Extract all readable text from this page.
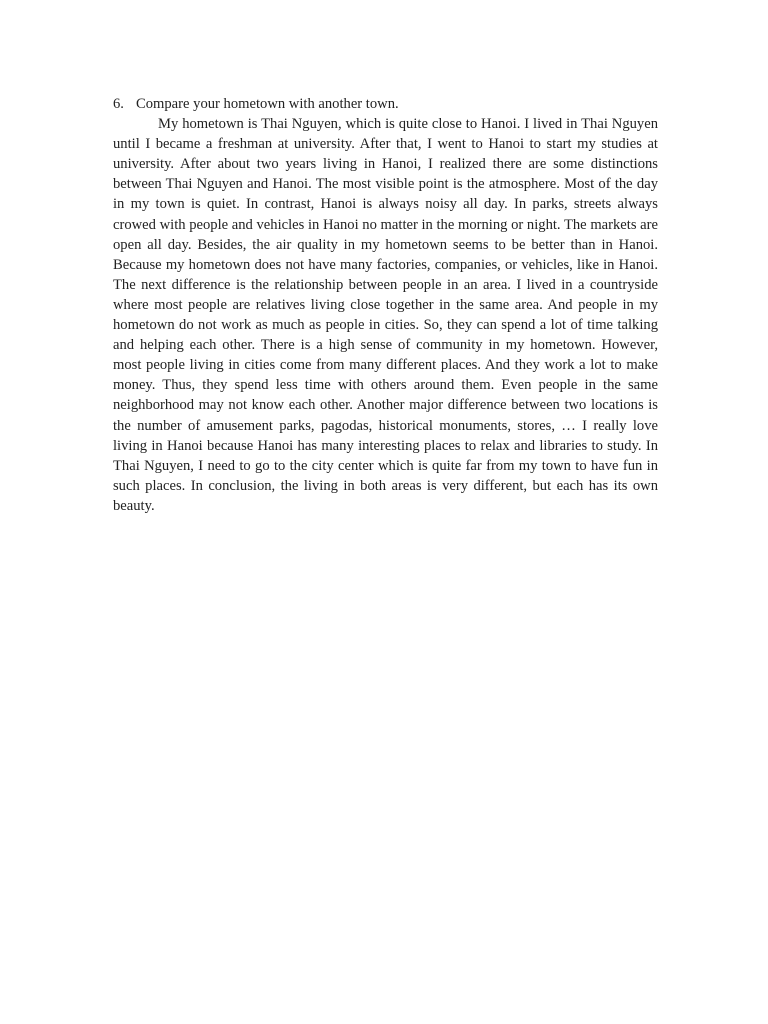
6. Compare your hometown with another town.

My hometown is Thai Nguyen, which is quite close to Hanoi. I lived in Thai Nguyen until I became a freshman at university. After that, I went to Hanoi to start my studies at university. After about two years living in Hanoi, I realized there are some distinctions between Thai Nguyen and Hanoi. The most visible point is the atmosphere. Most of the day in my town is quiet. In contrast, Hanoi is always noisy all day. In parks, streets always crowed with people and vehicles in Hanoi no matter in the morning or night. The markets are open all day. Besides, the air quality in my hometown seems to be better than in Hanoi. Because my hometown does not have many factories, companies, or vehicles, like in Hanoi. The next difference is the relationship between people in an area. I lived in a countryside where most people are relatives living close together in the same area. And people in my hometown do not work as much as people in cities. So, they can spend a lot of time talking and helping each other. There is a high sense of community in my hometown. However, most people living in cities come from many different places. And they work a lot to make money. Thus, they spend less time with others around them. Even people in the same neighborhood may not know each other. Another major difference between two locations is the number of amusement parks, pagodas, historical monuments, stores, … I really love living in Hanoi because Hanoi has many interesting places to relax and libraries to study. In Thai Nguyen, I need to go to the city center which is quite far from my town to have fun in such places. In conclusion, the living in both areas is very different, but each has its own beauty.
